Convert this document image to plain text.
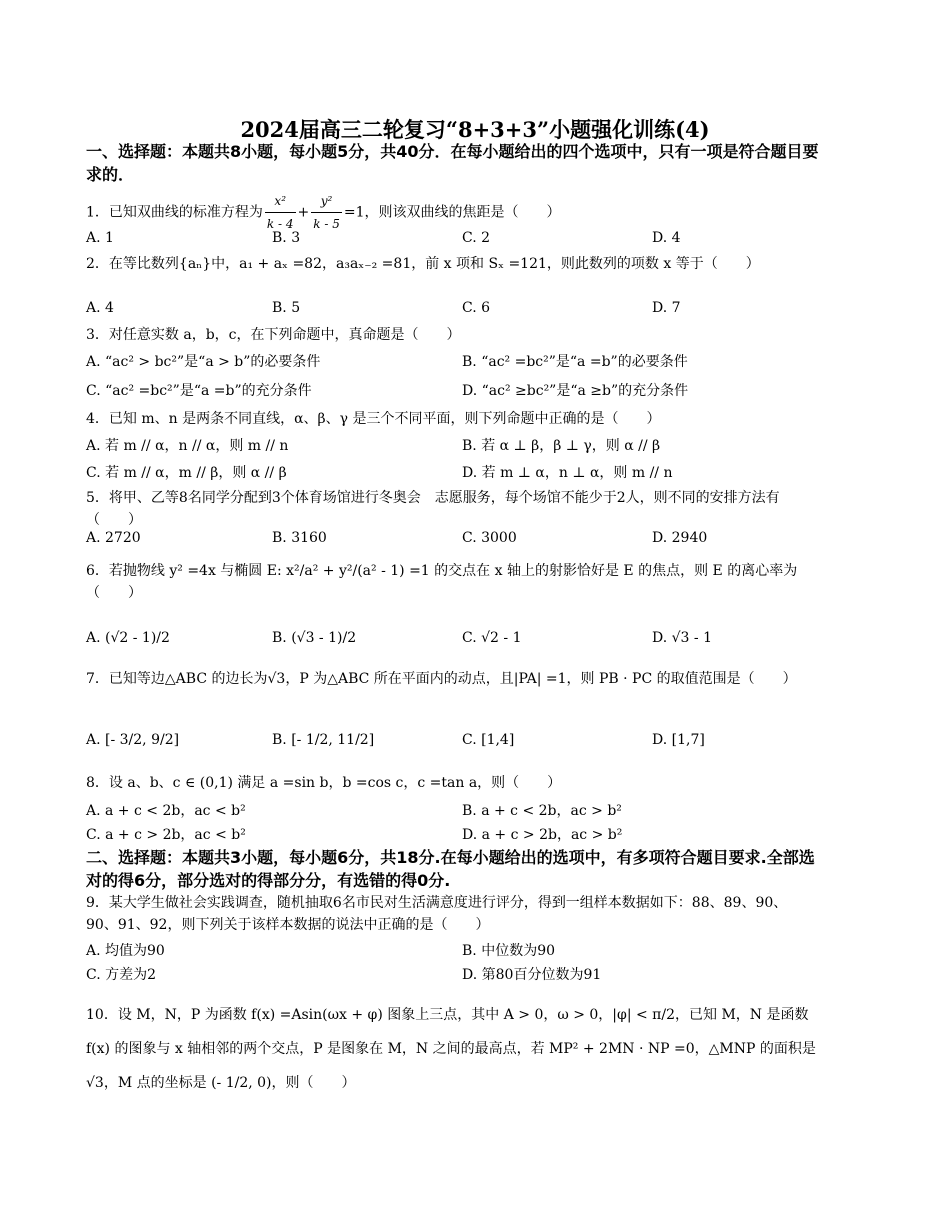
2024届高三二轮复习“8+3+3”小题强化训练(4)
一、选择题：本题共8小题，每小题5分，共40分．在每小题给出的四个选项中，只有一项是符合题目要求的．
1．已知双曲线的标准方程为 $\frac{\text{x²}}{k - 4} + \frac{\text{y²}}{k - 5} =1$，则该双曲线的焦距是（　　）
A. 1	B. 3	C. 2	D. 4
2．在等比数列{aₙ}中，a₁ + aₓ =82，a₃aₓ₋₂ =81，前 x 项和 Sₓ =121，则此数列的项数 x 等于（　　）
A. 4	B. 5	C. 6	D. 7
3．对任意实数 a，b，c，在下列命题中，真命题是（　　）
A. “ac² > bc²”是“a > b”的必要条件	B. “ac² =bc²”是“a =b”的必要条件
C. “ac² =bc²”是“a =b”的充分条件	D. “ac² ≥bc²”是“a ≥b”的充分条件
4．已知 m、n 是两条不同直线，α、β、γ 是三个不同平面，则下列命题中正确的是（　　）
A. 若 m // α，n // α，则 m // n	B. 若 α ⊥ β，β ⊥ γ，则 α // β
C. 若 m // α，m // β，则 α // β	D. 若 m ⊥ α，n ⊥ α，则 m // n
5．将甲、乙等8名同学分配到3个体育场馆进行冬奥会　志愿服务，每个场馆不能少于2人，则不同的安排方法有（　　）
A. 2720	B. 3160	C. 3000	D. 2940
6．若抛物线 y² =4x 与椭圆 E: x²/a² + y²/(a² - 1) =1 的交点在 x 轴上的射影恰好是 E 的焦点，则 E 的离心率为（　　）
A. (√2 - 1)/2	B. (√3 - 1)/2	C. √2 - 1	D. √3 - 1
7．已知等边△ABC 的边长为√3，P 为△ABC 所在平面内的动点，且|PA| =1，则 PB · PC 的取值范围是（　　）
A. [- 3/2, 9/2]	B. [- 1/2, 11/2]	C. [1,4]	D. [1,7]
8．设 a、b、c ∈ (0,1) 满足 a =sin b，b =cos c，c =tan a，则（　　）
A. a + c < 2b，ac < b²	B. a + c < 2b，ac > b²
C. a + c > 2b，ac < b²	D. a + c > 2b，ac > b²
二、选择题：本题共3小题，每小题6分，共18分.在每小题给出的选项中，有多项符合题目要求.全部选对的得6分，部分选对的得部分分，有选错的得0分.
9．某大学生做社会实践调查，随机抽取6名市民对生活满意度进行评分，得到一组样本数据如下：88、89、90、90、91、92，则下列关于该样本数据的说法中正确的是（　　）
A. 均值为90	B. 中位数为90
C. 方差为2	D. 第80百分位数为91
10．设 M，N，P 为函数 f(x) =Asin(ωx + φ) 图象上三点，其中 A > 0，ω > 0，|φ| < π/2，已知 M，N 是函数 f(x) 的图象与 x 轴相邻的两个交点，P 是图象在 M，N 之间的最高点，若 MP² + 2MN · NP =0，△MNP 的面积是 √3，M 点的坐标是 (- 1/2, 0)，则（　　）
